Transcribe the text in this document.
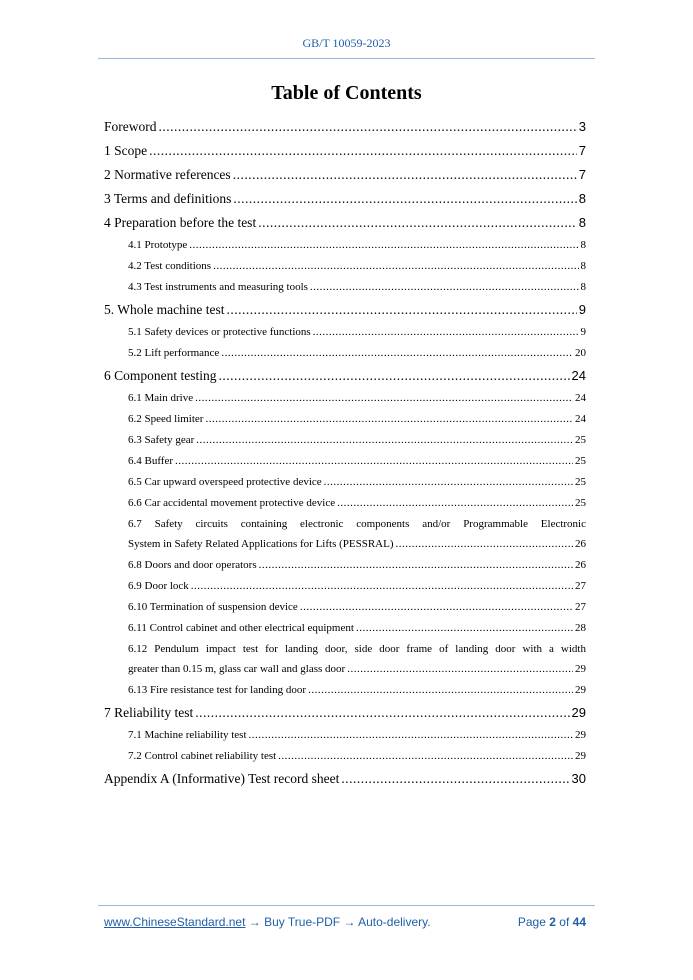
GB/T 10059-2023
Table of Contents
Foreword .....	3
1 Scope .....	7
2 Normative references .....	7
3 Terms and definitions .....	8
4 Preparation before the test .....	8
4.1 Prototype .....	8
4.2 Test conditions .....	8
4.3 Test instruments and measuring tools .....	8
5. Whole machine test .....	9
5.1 Safety devices or protective functions .....	9
5.2 Lift performance .....	20
6 Component testing .....	24
6.1 Main drive .....	24
6.2 Speed limiter .....	24
6.3 Safety gear .....	25
6.4 Buffer .....	25
6.5 Car upward overspeed protective device .....	25
6.6 Car accidental movement protective device .....	25
6.7 Safety circuits containing electronic components and/or Programmable Electronic
System in Safety Related Applications for Lifts (PESSRAL) .....	26
6.8 Doors and door operators .....	26
6.9 Door lock .....	27
6.10 Termination of suspension device .....	27
6.11 Control cabinet and other electrical equipment .....	28
6.12 Pendulum impact test for landing door, side door frame of landing door with a width
greater than 0.15 m, glass car wall and glass door .....	29
6.13 Fire resistance test for landing door .....	29
7 Reliability test .....	29
7.1 Machine reliability test .....	29
7.2 Control cabinet reliability test .....	29
Appendix A (Informative) Test record sheet .....	30
www.ChineseStandard.net → Buy True-PDF → Auto-delivery.	Page 2 of 44
